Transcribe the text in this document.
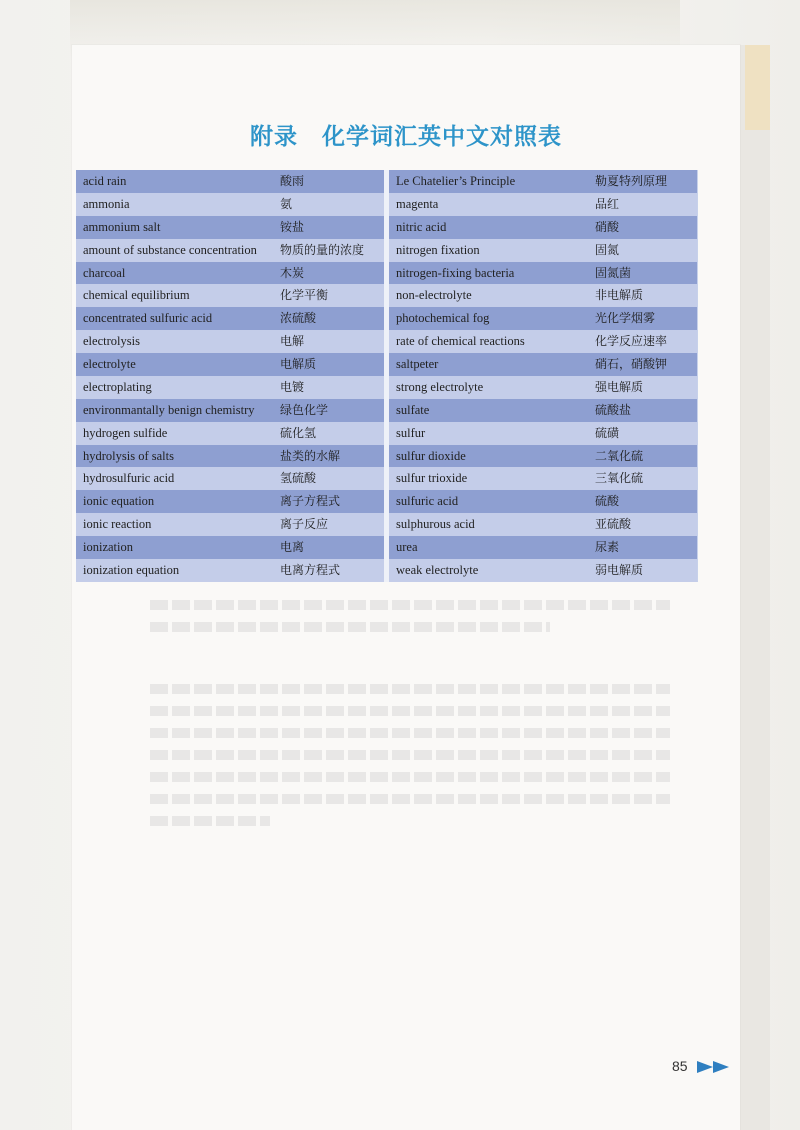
附录　化学词汇英中文对照表
acid rain	酸雨
ammonia	氨
ammonium salt	铵盐
amount of substance concentration 物质的量的浓度
charcoal	木炭
chemical equilibrium	化学平衡
concentrated sulfuric acid	浓硫酸
electrolysis	电解
electrolyte	电解质
electroplating	电镀
environmantally benign chemistry 绿色化学
hydrogen sulfide	硫化氢
hydrolysis of salts	盐类的水解
hydrosulfuric acid	氢硫酸
ionic equation	离子方程式
ionic reaction	离子反应
ionization	电离
ionization equation	电离方程式
Le Chatelier’s Principle	勒夏特列原理
magenta	品红
nitric acid	硝酸
nitrogen fixation	固氮
nitrogen-fixing bacteria	固氮菌
non-electrolyte	非电解质
photochemical fog	光化学烟雾
rate of chemical reactions	化学反应速率
saltpeter	硝石，硝酸钾
strong electrolyte	强电解质
sulfate	硫酸盐
sulfur	硫磺
sulfur dioxide	二氧化硫
sulfur trioxide	三氧化硫
sulfuric acid	硫酸
sulphurous acid	亚硫酸
urea	尿素
weak electrolyte	弱电解质
85
